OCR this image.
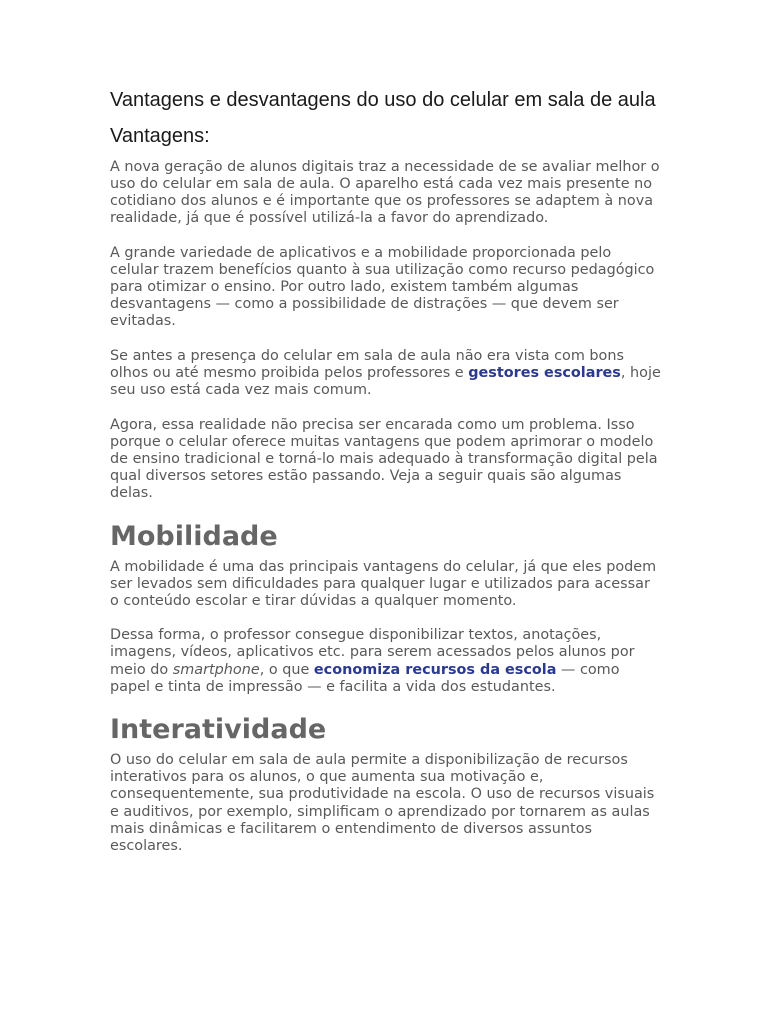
Vantagens e desvantagens do uso do celular em sala de aula
Vantagens:

A nova geração de alunos digitais traz a necessidade de se avaliar melhor o uso do celular em sala de aula. O aparelho está cada vez mais presente no cotidiano dos alunos e é importante que os professores se adaptem à nova realidade, já que é possível utilizá-la a favor do aprendizado.

A grande variedade de aplicativos e a mobilidade proporcionada pelo celular trazem benefícios quanto à sua utilização como recurso pedagógico para otimizar o ensino. Por outro lado, existem também algumas desvantagens — como a possibilidade de distrações — que devem ser evitadas.

Se antes a presença do celular em sala de aula não era vista com bons olhos ou até mesmo proibida pelos professores e gestores escolares, hoje seu uso está cada vez mais comum.

Agora, essa realidade não precisa ser encarada como um problema. Isso porque o celular oferece muitas vantagens que podem aprimorar o modelo de ensino tradicional e torná-lo mais adequado à transformação digital pela qual diversos setores estão passando. Veja a seguir quais são algumas delas.

Mobilidade

A mobilidade é uma das principais vantagens do celular, já que eles podem ser levados sem dificuldades para qualquer lugar e utilizados para acessar o conteúdo escolar e tirar dúvidas a qualquer momento.

Dessa forma, o professor consegue disponibilizar textos, anotações, imagens, vídeos, aplicativos etc. para serem acessados pelos alunos por meio do smartphone, o que economiza recursos da escola — como papel e tinta de impressão — e facilita a vida dos estudantes.

Interatividade

O uso do celular em sala de aula permite a disponibilização de recursos interativos para os alunos, o que aumenta sua motivação e, consequentemente, sua produtividade na escola. O uso de recursos visuais e auditivos, por exemplo, simplificam o aprendizado por tornarem as aulas mais dinâmicas e facilitarem o entendimento de diversos assuntos escolares.
